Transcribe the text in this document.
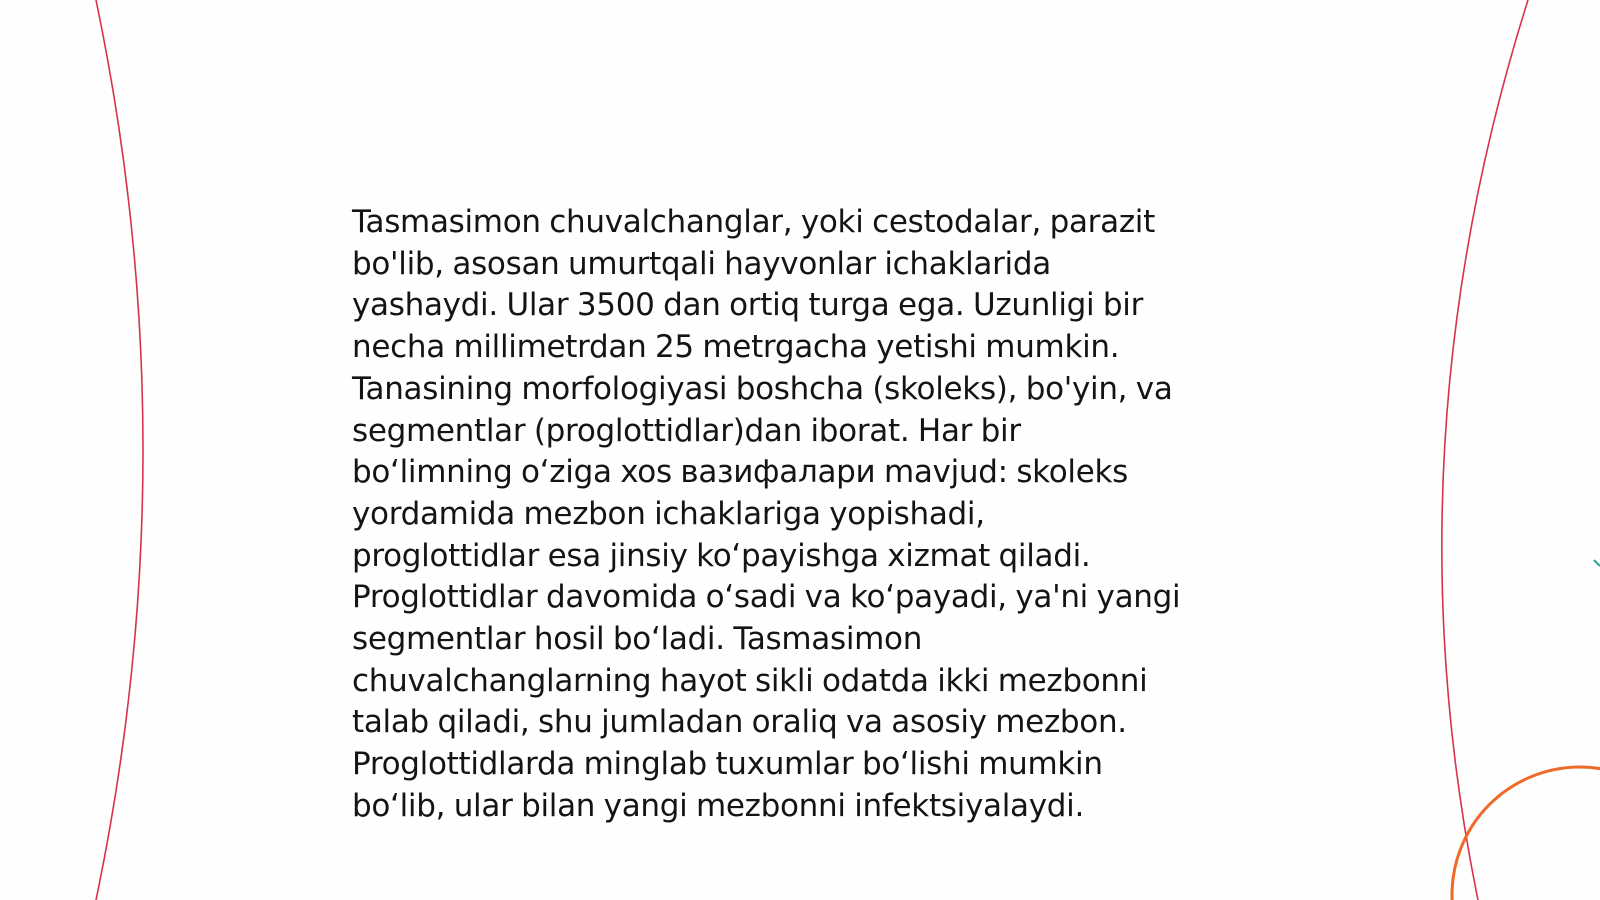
Tasmasimon chuvalchanglar, yoki cestodalar, parazit
bo'lib, asosan umurtqali hayvonlar ichaklarida
yashaydi. Ular 3500 dan ortiq turga ega. Uzunligi bir
necha millimetrdan 25 metrgacha yetishi mumkin.
Tanasining morfologiyasi boshcha (skoleks), bo'yin, va
segmentlar (proglottidlar)dan iborat. Har bir
bo‘limning o‘ziga xos вазифалари mavjud: skoleks
yordamida mezbon ichaklariga yopishadi,
proglottidlar esa jinsiy ko‘payishga xizmat qiladi.
Proglottidlar davomida o‘sadi va ko‘payadi, ya'ni yangi
segmentlar hosil bo‘ladi. Tasmasimon
chuvalchanglarning hayot sikli odatda ikki mezbonni
talab qiladi, shu jumladan oraliq va asosiy mezbon.
Proglottidlarda minglab tuxumlar bo‘lishi mumkin
bo‘lib, ular bilan yangi mezbonni infektsiyalaydi.
